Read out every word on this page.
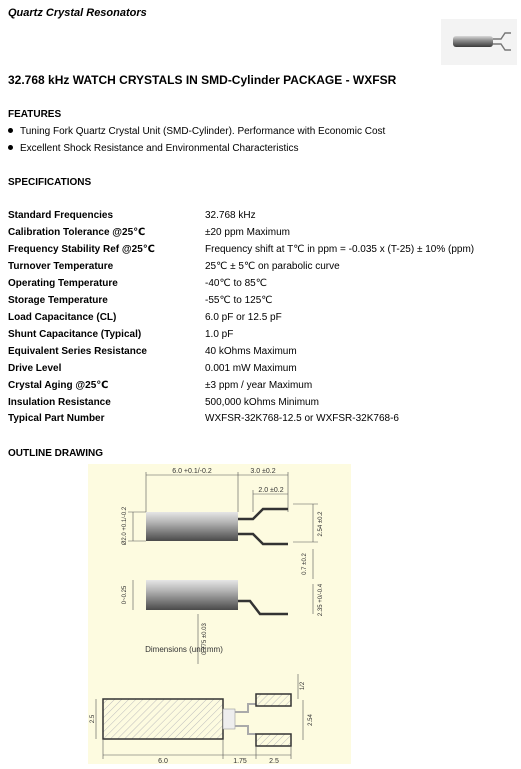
Quartz Crystal Resonators
32.768 kHz WATCH CRYSTALS IN SMD-Cylinder PACKAGE - WXFSR
FEATURES
Tuning Fork Quartz Crystal Unit (SMD-Cylinder). Performance with Economic Cost
Excellent Shock Resistance and Environmental Characteristics
SPECIFICATIONS
Standard Frequencies	32.768 kHz
Calibration Tolerance @25℃	±20 ppm Maximum
Frequency Stability Ref @25℃	Frequency shift at T℃ in ppm = -0.035 x (T-25) ± 10% (ppm)
Turnover Temperature	25℃ ± 5℃ on parabolic curve
Operating Temperature	-40℃ to 85℃
Storage Temperature	-55℃ to 125℃
Load Capacitance (CL)	6.0 pF or 12.5 pF
Shunt Capacitance (Typical)	1.0 pF
Equivalent Series Resistance	40 kOhms Maximum
Drive Level	0.001 mW Maximum
Crystal Aging @25℃	±3 ppm / year Maximum
Insulation Resistance	500,000 kOhms Minimum
Typical Part Number	WXFSR-32K768-12.5 or WXFSR-32K768-6
OUTLINE DRAWING
6.0 +0.1/-0.2	3.0 ±0.2
2.0 ±0.2
Ø2.0 +0.1/-0.2	2.54 ±0.2
0.7 ±0.2
0~0.25	2.35 +0/-0.4
0.275 ±0.03
Dimensions (unit:mm)
1/2
2.5	2.54
6.0	1.75	2.5
